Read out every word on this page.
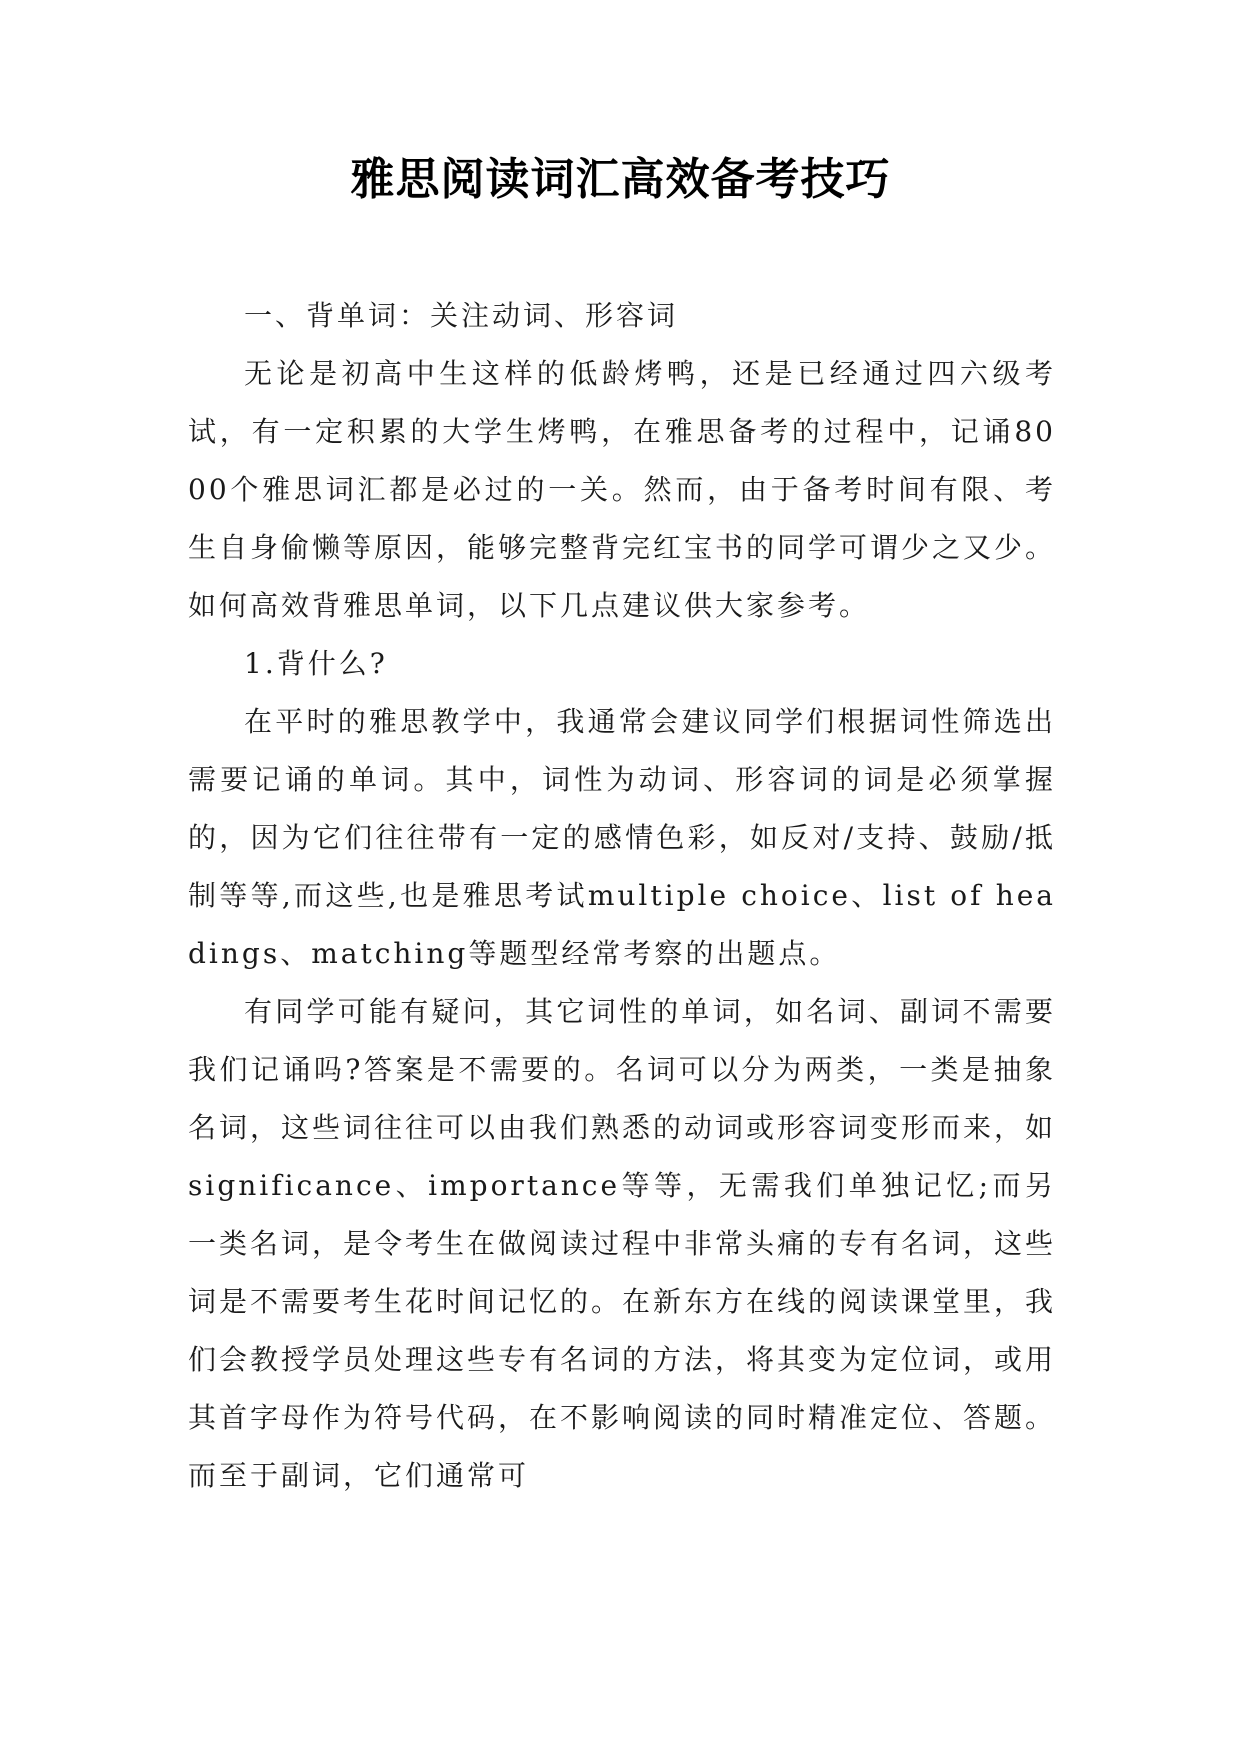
雅思阅读词汇高效备考技巧

一、背单词：关注动词、形容词

无论是初高中生这样的低龄烤鸭，还是已经通过四六级考试，有一定积累的大学生烤鸭，在雅思备考的过程中，记诵8000个雅思词汇都是必过的一关。然而，由于备考时间有限、考生自身偷懒等原因，能够完整背完红宝书的同学可谓少之又少。如何高效背雅思单词，以下几点建议供大家参考。

1.背什么?

在平时的雅思教学中，我通常会建议同学们根据词性筛选出需要记诵的单词。其中，词性为动词、形容词的词是必须掌握的，因为它们往往带有一定的感情色彩，如反对/支持、鼓励/抵制等等,而这些,也是雅思考试multiple choice、list of headings、matching等题型经常考察的出题点。

有同学可能有疑问，其它词性的单词，如名词、副词不需要我们记诵吗?答案是不需要的。名词可以分为两类，一类是抽象名词，这些词往往可以由我们熟悉的动词或形容词变形而来，如significance、importance等等，无需我们单独记忆;而另一类名词，是令考生在做阅读过程中非常头痛的专有名词，这些词是不需要考生花时间记忆的。在新东方在线的阅读课堂里，我们会教授学员处理这些专有名词的方法，将其变为定位词，或用其首字母作为符号代码，在不影响阅读的同时精准定位、答题。而至于副词，它们通常可
